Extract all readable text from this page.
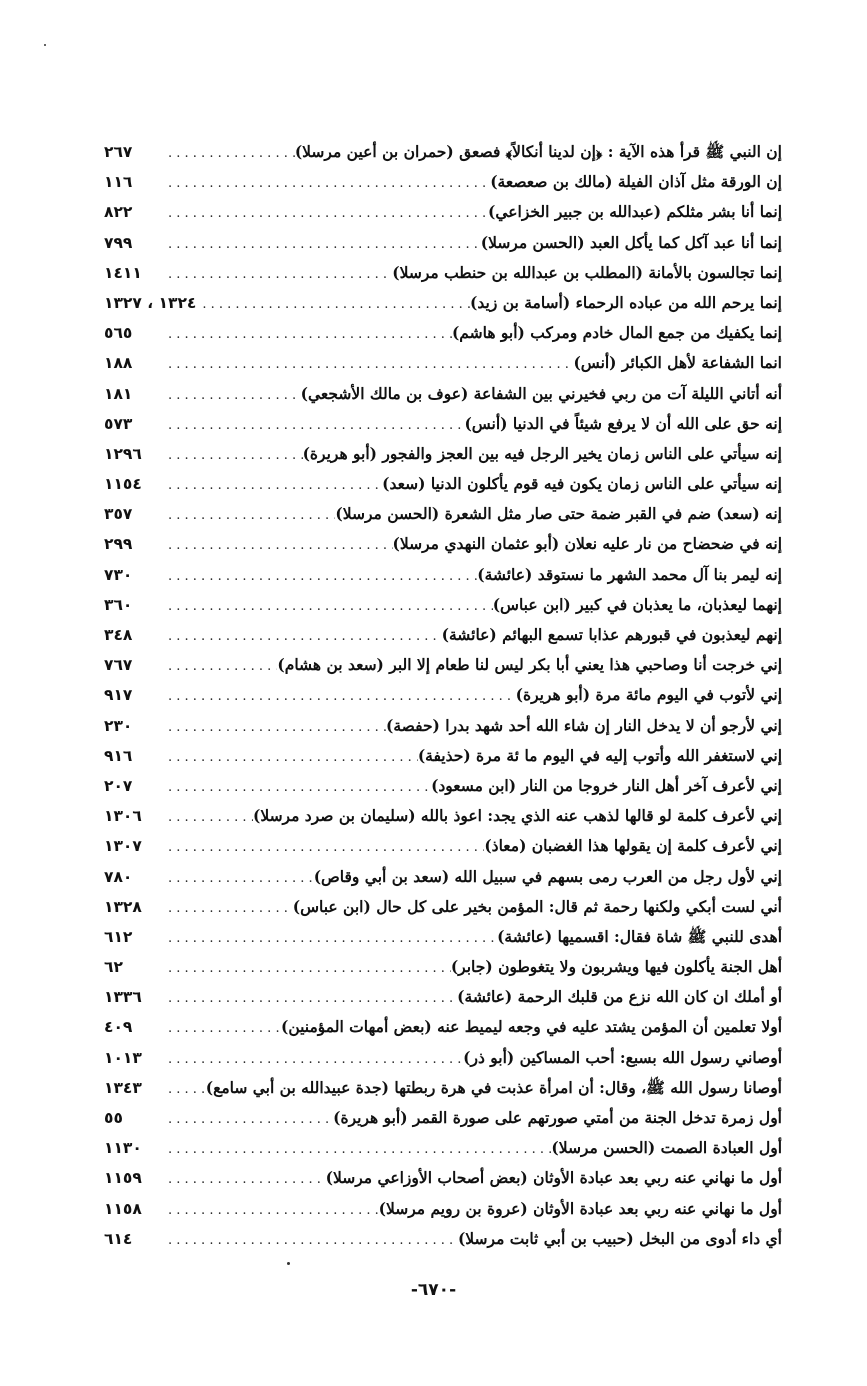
إن النبي ﷺ قرأ هذه الآية : ﴿إن لدينا أنكالاً﴾ فصعق (حمران بن أعين مرسلا)
. . .
٢٦٧
إن الورقة مثل آذان الفيلة (مالك بن صعصعة)
. . .
١١٦
إنما أنا بشر مثلكم (عبدالله بن جبير الخزاعي)
. . .
٨٢٢
إنما أنا عبد آكل كما يأكل العبد (الحسن مرسلا)
. . .
٧٩٩
إنما تجالسون بالأمانة (المطلب بن عبدالله بن حنطب مرسلا)
. . .
١٤١١
إنما يرحم الله من عباده الرحماء (أسامة بن زيد)
. . .
١٣٢٤ ، ١٣٢٧
إنما يكفيك من جمع المال خادم ومركب (أبو هاشم)
. . .
٥٦٥
انما الشفاعة لأهل الكبائر (أنس)
. . .
١٨٨
أنه أتاني الليلة آت من ربي فخيرني بين الشفاعة (عوف بن مالك الأشجعي)
. . .
١٨١
إنه حق على الله أن لا يرفع شيئاً في الدنيا (أنس)
. . .
٥٧٣
إنه سيأتي على الناس زمان يخير الرجل فيه بين العجز والفجور (أبو هريرة)
. . .
١٢٩٦
إنه سيأتي على الناس زمان يكون فيه قوم يأكلون الدنيا (سعد)
. . .
١١٥٤
إنه (سعد) ضم في القبر ضمة حتى صار مثل الشعرة (الحسن مرسلا)
. . .
٣٥٧
إنه في ضحضاح من نار عليه نعلان (أبو عثمان النهدي مرسلا)
. . .
٢٩٩
إنه ليمر بنا آل محمد الشهر ما نستوقد (عائشة)
. . .
٧٣٠
إنهما ليعذبان، ما يعذبان في كبير (ابن عباس)
. . .
٣٦٠
إنهم ليعذبون في قبورهم عذابا تسمع البهائم (عائشة)
. . .
٣٤٨
إني خرجت أنا وصاحبي هذا يعني أبا بكر ليس لنا طعام إلا البر (سعد بن هشام)
. . .
٧٦٧
إني لأتوب في اليوم مائة مرة (أبو هريرة)
. . .
٩١٧
إني لأرجو أن لا يدخل النار إن شاء الله أحد شهد بدرا (حفصة)
. . .
٢٣٠
إني لاستغفر الله وأتوب إليه في اليوم ما ئة مرة (حذيفة)
. . .
٩١٦
إني لأعرف آخر أهل النار خروجا من النار (ابن مسعود)
. . .
٢٠٧
إني لأعرف كلمة لو قالها لذهب عنه الذي يجد: اعوذ بالله (سليمان بن صرد مرسلا)
. . .
١٣٠٦
إني لأعرف كلمة إن يقولها هذا الغضبان (معاذ)
. . .
١٣٠٧
إني لأول رجل من العرب رمى بسهم في سبيل الله (سعد بن أبي وقاص)
. . .
٧٨٠
أني لست أبكي ولكنها رحمة ثم قال: المؤمن بخير على كل حال (ابن عباس)
. . .
١٣٢٨
أهدى للنبي ﷺ شاة فقال: اقسميها (عائشة)
. . .
٦١٢
أهل الجنة يأكلون فيها ويشربون ولا يتغوطون (جابر)
. . .
٦٢
أو أملك ان كان الله نزع من قلبك الرحمة (عائشة)
. . .
١٣٣٦
أولا تعلمين أن المؤمن يشتد عليه في وجعه ليميط عنه (بعض أمهات المؤمنين)
. . .
٤٠٩
أوصاني رسول الله بسبع: أحب المساكين (أبو ذر)
. . .
١٠١٣
أوصانا رسول الله ﷺ، وقال: أن امرأة عذبت في هرة ربطتها (جدة عبيدالله بن أبي سامع)
. . .
١٣٤٣
أول زمرة تدخل الجنة من أمتي صورتهم على صورة القمر (أبو هريرة)
. . .
٥٥
أول العبادة الصمت (الحسن مرسلا)
. . .
١١٣٠
أول ما نهاني عنه ربي بعد عبادة الأوثان (بعض أصحاب الأوزاعي مرسلا)
. . .
١١٥٩
أول ما نهاني عنه ربي بعد عبادة الأوثان (عروة بن رويم مرسلا)
. . .
١١٥٨
أي داء أدوى من البخل (حبيب بن أبي ثابت مرسلا)
. . .
٦١٤
-٦٧٠-
